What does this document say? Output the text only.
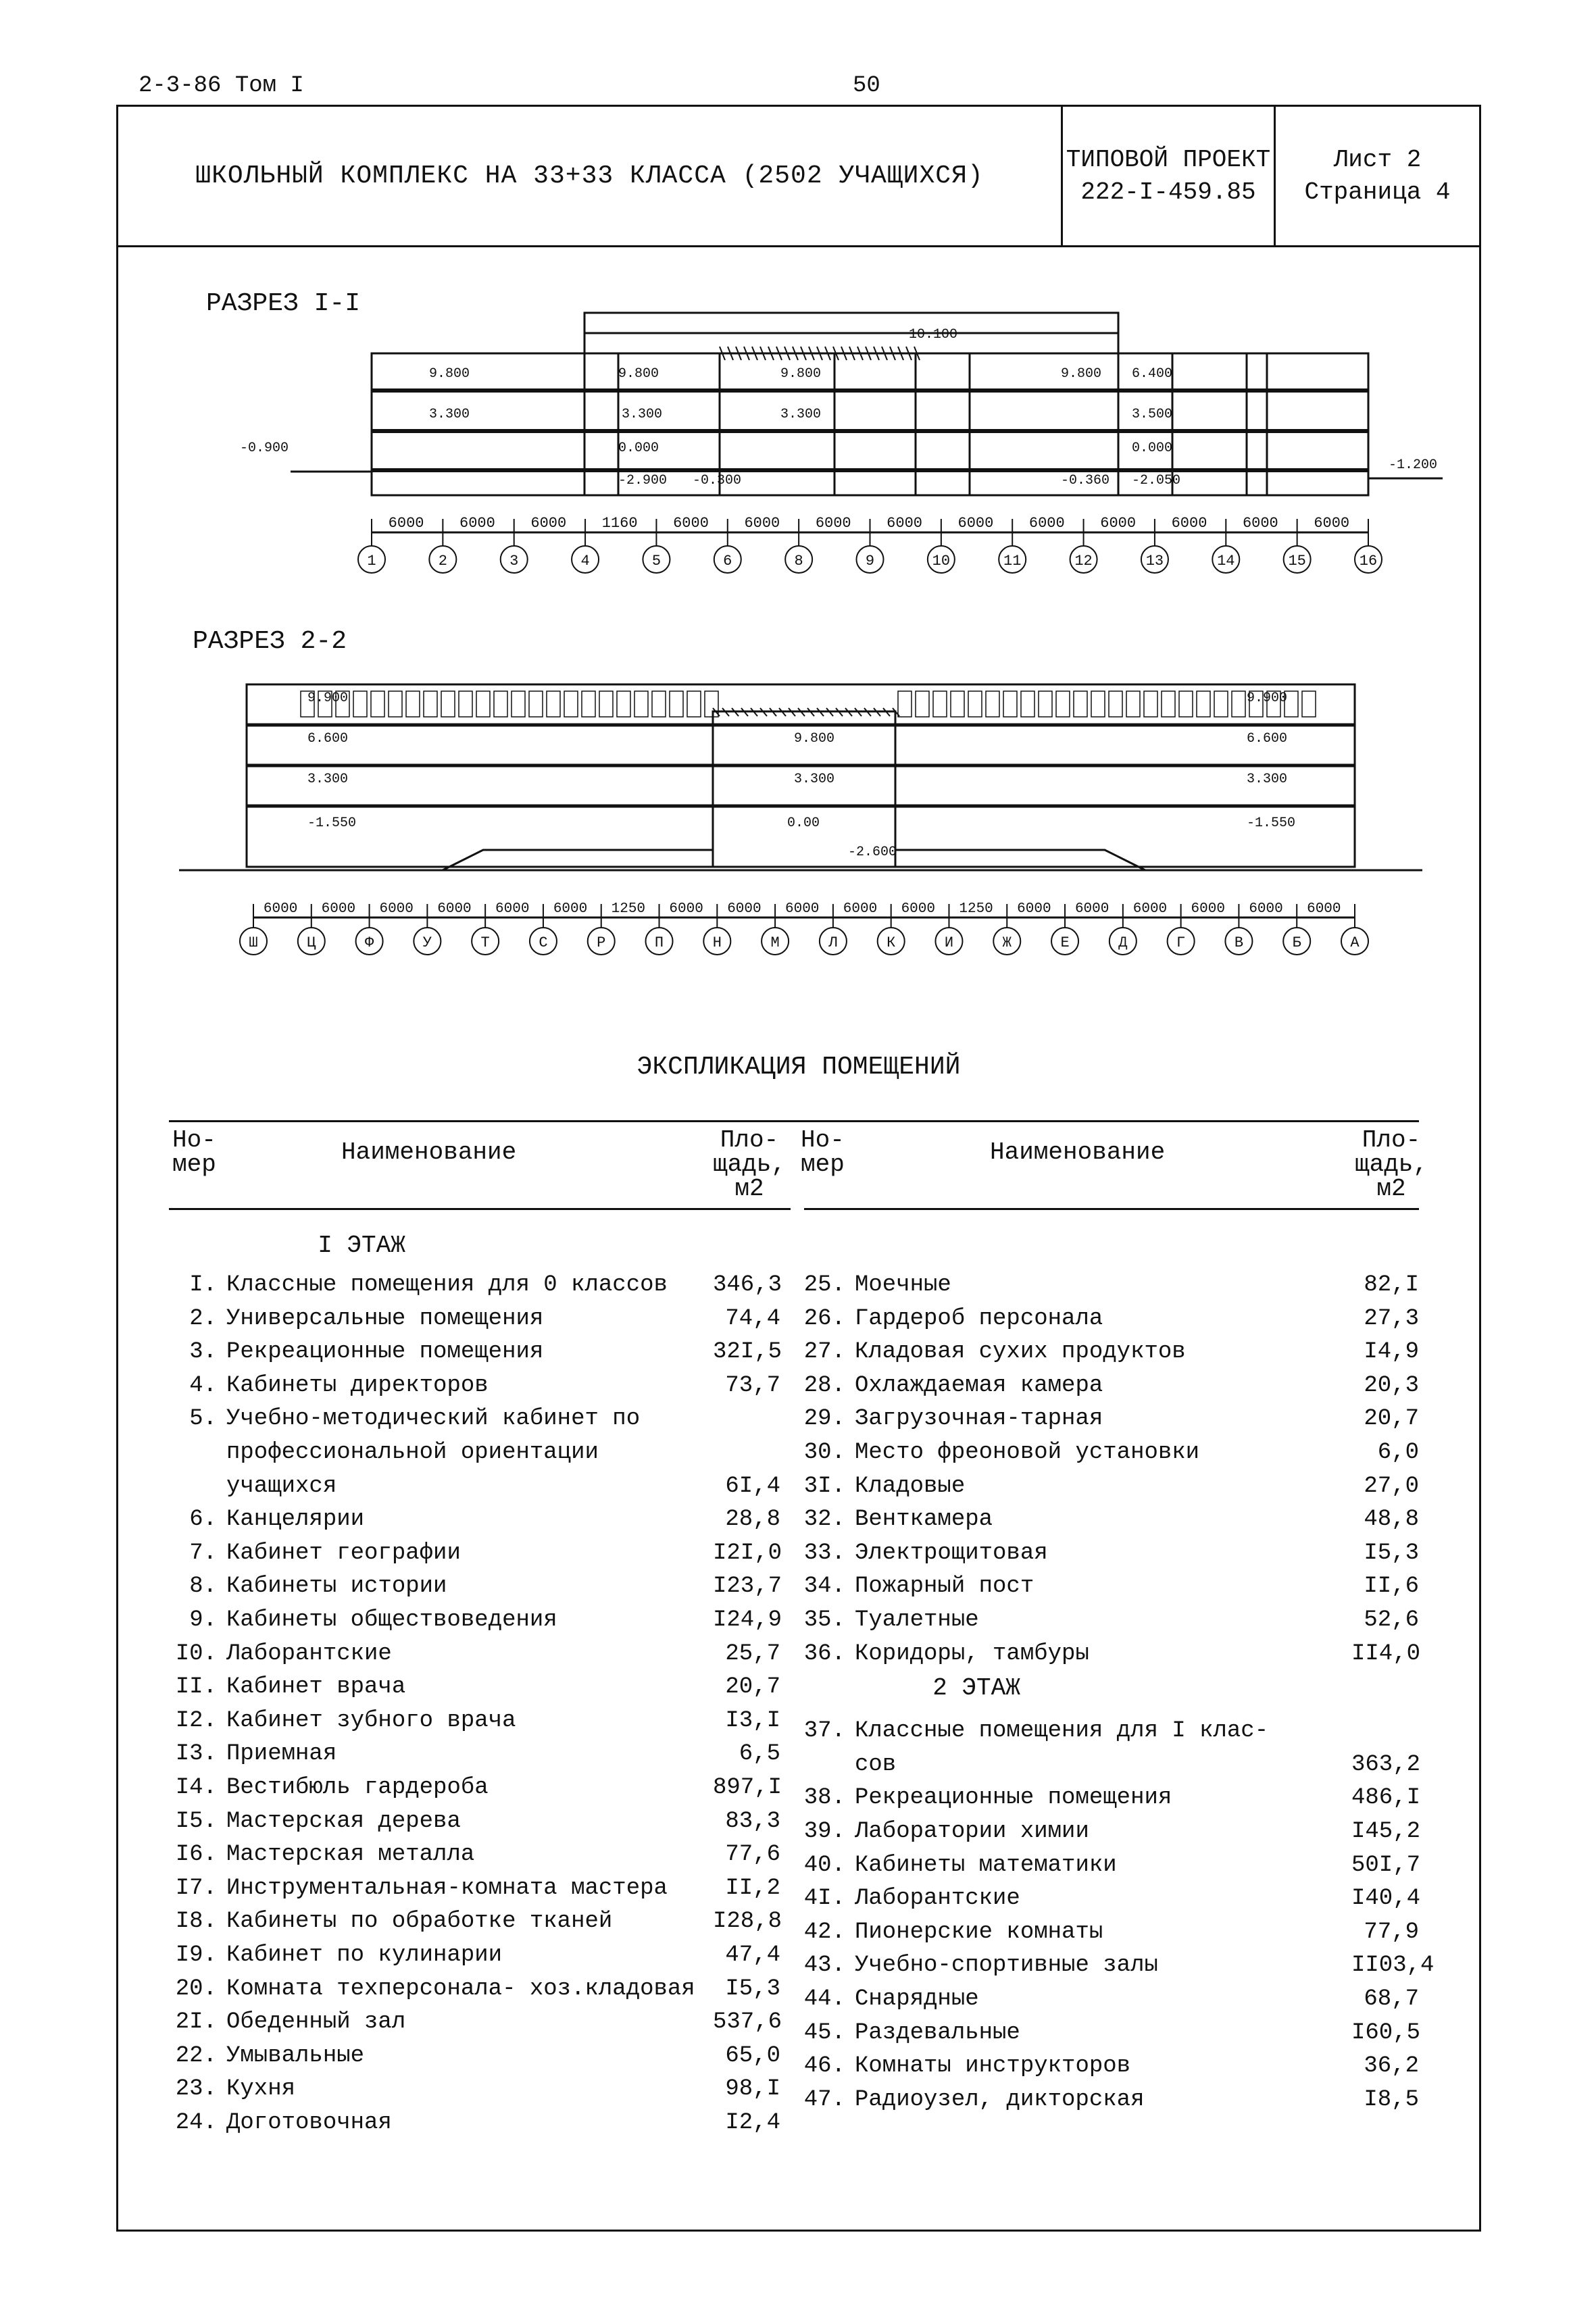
2-3-86 Том I	50
ШКОЛЬНЫЙ КОМПЛЕКС НА 33+33 КЛАССА (2502 УЧАЩИХСЯ)
ТИПОВОЙ ПРОЕКТ
222-I-459.85
Лист 2
Страница 4
РАЗРЕЗ I-I
9.800
3.300
9.800
3.300
9.800
3.300
10.100
9.800 6.400
3.500
0.000	0.000
-2.900 -0.300	-0.360 -2.050
-0.900
-1.200
6000 6000 6000 1160 6000 6000 6000 6000 6000 6000 6000 6000 6000 6000
1	2	3	4	5	6	8	9	10	11	12	13	14	15	16
РАЗРЕЗ 2-2
9.900
6.600
3.300
-1.550
9.800
3.300
0.00
-2.600
9.900
6.600
3.300
-1.550
6000 6000 6000 6000 6000 6000 1250 6000 6000 6000 6000 6000 1250 6000 6000 6000 6000 6000 6000
Ш	Ц	Ф	У	Т	С	Р	П	Н	М	Л	К	И	Ж	Е	Д	Г	В	Б	А
ЭКСПЛИКАЦИЯ ПОМЕЩЕНИЙ
Но-
мер	Наименование	Пло-
щадь,
м2
Но-
мер	Наименование	Пло-
щадь,
м2
I ЭТАЖ
I. Классные помещения для 0 классов 346,3
2. Универсальные помещения	74,4
3. Рекреационные помещения	32I,5
4. Кабинеты директоров	73,7
5. Учебно-методический кабинет по
профессиональной ориентации
учащихся	6I,4
6. Канцелярии	28,8
7. Кабинет географии	I2I,0
8. Кабинеты истории	I23,7
9. Кабинеты обществоведения	I24,9
I0. Лаборантские	25,7
II. Кабинет врача	20,7
I2. Кабинет зубного врача	I3,I
I3. Приемная	6,5
I4. Вестибюль гардероба	897,I
I5. Мастерская дерева	83,3
I6. Мастерская металла	77,6
I7. Инструментальная-комната мастера	II,2
I8. Кабинеты по обработке тканей	I28,8
I9. Кабинет по кулинарии	47,4
20. Комната техперсонала- хоз.кладовая	I5,3
2I. Обеденный зал	537,6
22. Умывальные	65,0
23. Кухня	98,I
24. Доготовочная	I2,4
25. Моечные	82,I
26. Гардероб персонала	27,3
27. Кладовая сухих продуктов	I4,9
28. Охлаждаемая камера	20,3
29. Загрузочная-тарная	20,7
30. Место фреоновой установки	6,0
3I. Кладовые	27,0
32. Венткамера	48,8
33. Электрощитовая	I5,3
34. Пожарный пост	II,6
35. Туалетные	52,6
36. Коридоры, тамбуры	II4,0
2 ЭТАЖ
37. Классные помещения для I клас-
сов	363,2
38. Рекреационные помещения	486,I
39. Лаборатории химии	I45,2
40. Кабинеты математики	50I,7
4I. Лаборантские	I40,4
42. Пионерские комнаты	77,9
43. Учебно-спортивные залы	II03,4
44. Снарядные	68,7
45. Раздевальные	I60,5
46. Комнаты инструкторов	36,2
47. Радиоузел, дикторская	I8,5
